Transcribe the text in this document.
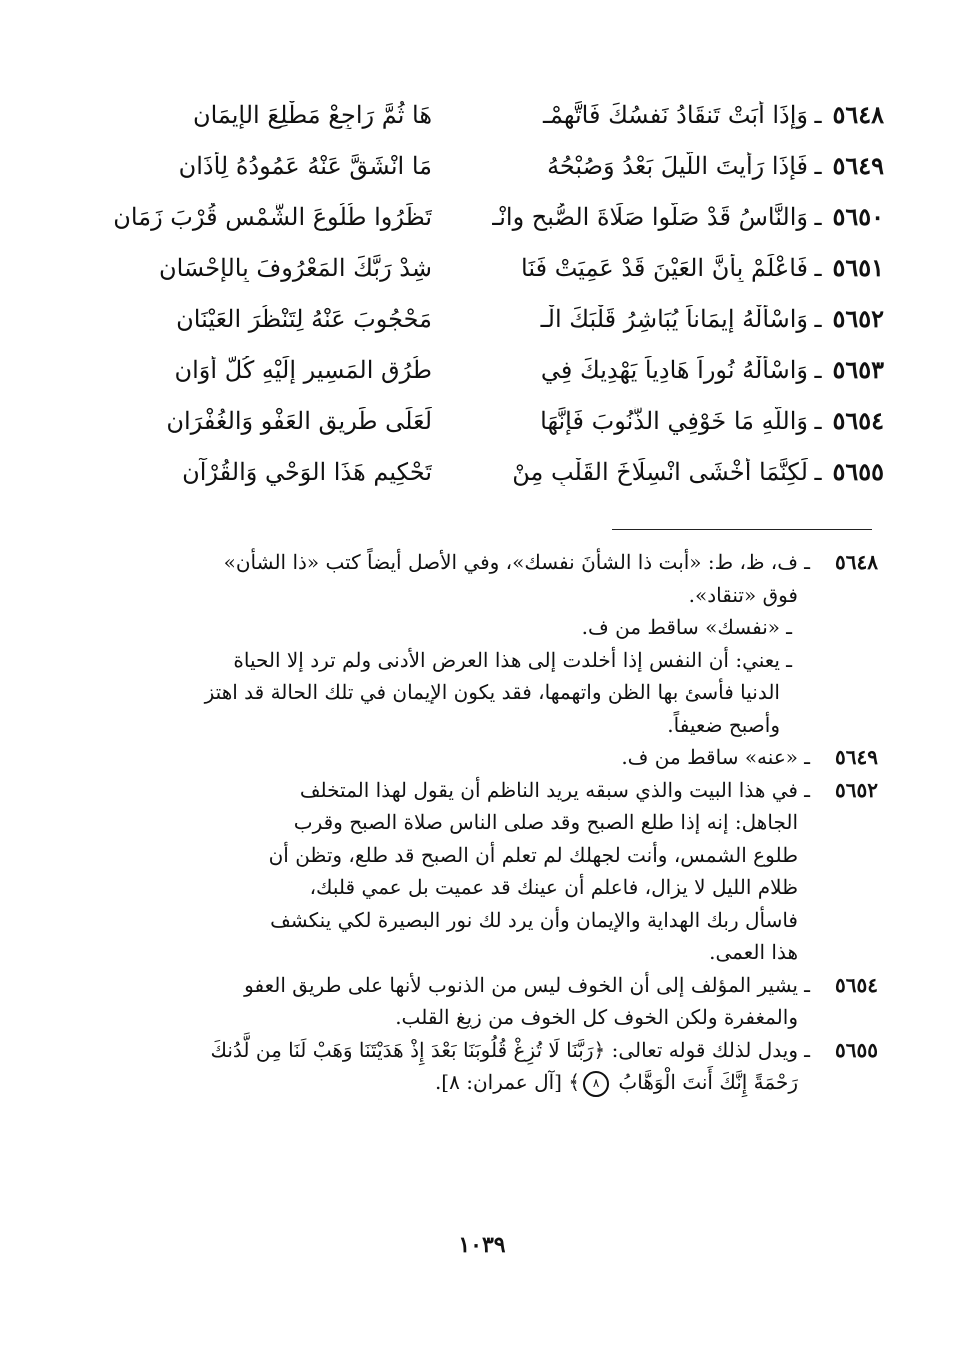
٥٦٤٨
ـ
وَإِذَا أَبَتْ تَنقَادُ نَفسُكَ فَاتَّهِمْـ
هَا ثُمَّ رَاجِعْ مَطْلِعَ الإِيمَانِ
٥٦٤٩
ـ
فَإِذَا رَأَيتَ اللَّيلَ بَعْدُ وَصُبْحُهُ
مَا انْشَقَّ عَنْهُ عَمُودُهُ لِأَذَانِ
٥٦٥٠
ـ
وَالنَّاسُ قَدْ صَلَّوا صَلَاةَ الصُّبحِ وانْـ
تَظَرُوا طُلُوعَ الشَّمْسِ قُرْبَ زَمَانِ
٥٦٥١
ـ
فَاعْلَمْ بِأَنَّ العَيْنَ قَدْ عَمِيَتْ فَنَا
شِدْ رَبَّكَ المَعْرُوفَ بِالإِحْسَانِ
٥٦٥٢
ـ
وَاسْأَلْهُ إِيمَاناً يُبَاشِرُ قَلْبَكَ الْـ
مَحْجُوبَ عَنْهُ لِتَنْظُرَ العَيْنَانِ
٥٦٥٣
ـ
وَاسْأَلْهُ نُوراً هَادِياً يَهْدِيكَ فِي
طُرُقِ المَسِيرِ إِلَيْهِ كُلَّ أَوَانِ
٥٦٥٤
ـ
وَاللَّهِ مَا خَوْفِي الذُّنُوبَ فَإِنَّهَا
لَعَلَى طَرِيقِ العَفْوِ وَالغُفْرَانِ
٥٦٥٥
ـ
لَكِنَّمَا أَخْشَى انْسِلَاخَ القَلْبِ مِنْ
تَحْكِيمِ هَذَا الوَحْيِ وَالقُرْآنِ
٥٦٤٨
ـ
ف، ظ، ط: «أبت ذا الشأنَ نفسك»، وفي الأصل أيضاً كتب «ذا الشأن»
فوق «تنقاد».
ـ
«نفسك» ساقط من ف.
ـ
يعني: أن النفس إذا أخلدت إلى هذا العرض الأدنى ولم ترد إلا الحياة
الدنيا فأسئ بها الظن واتهمها، فقد يكون الإيمان في تلك الحالة قد اهتز
وأصبح ضعيفاً.
٥٦٤٩
ـ
«عنه» ساقط من ف.
٥٦٥٢
ـ
في هذا البيت والذي سبقه يريد الناظم أن يقول لهذا المتخلف
الجاهل: إنه إذا طلع الصبح وقد صلى الناس صلاة الصبح وقرب
طلوع الشمس، وأنت لجهلك لم تعلم أن الصبح قد طلع، وتظن أن
ظلام الليل لا يزال، فاعلم أن عينك قد عميت بل عمي قلبك،
فاسأل ربك الهداية والإيمان وأن يرد لك نور البصيرة لكي ينكشف
هذا العمى.
٥٦٥٤
ـ
يشير المؤلف إلى أن الخوف ليس من الذنوب لأنها على طريق العفو
والمغفرة ولكن الخوف كل الخوف من زيغ القلب.
٥٦٥٥
ـ
ويدل لذلك قوله تعالى: ﴿رَبَّنَا لَا تُزِغْ قُلُوبَنَا بَعْدَ إِذْ هَدَيْتَنَا وَهَبْ لَنَا مِن لَّدُنكَ
رَحْمَةً إِنَّكَ أَنتَ الْوَهَّابُ ٨﴾ [آل عمران: ٨].
١٠٣٩
